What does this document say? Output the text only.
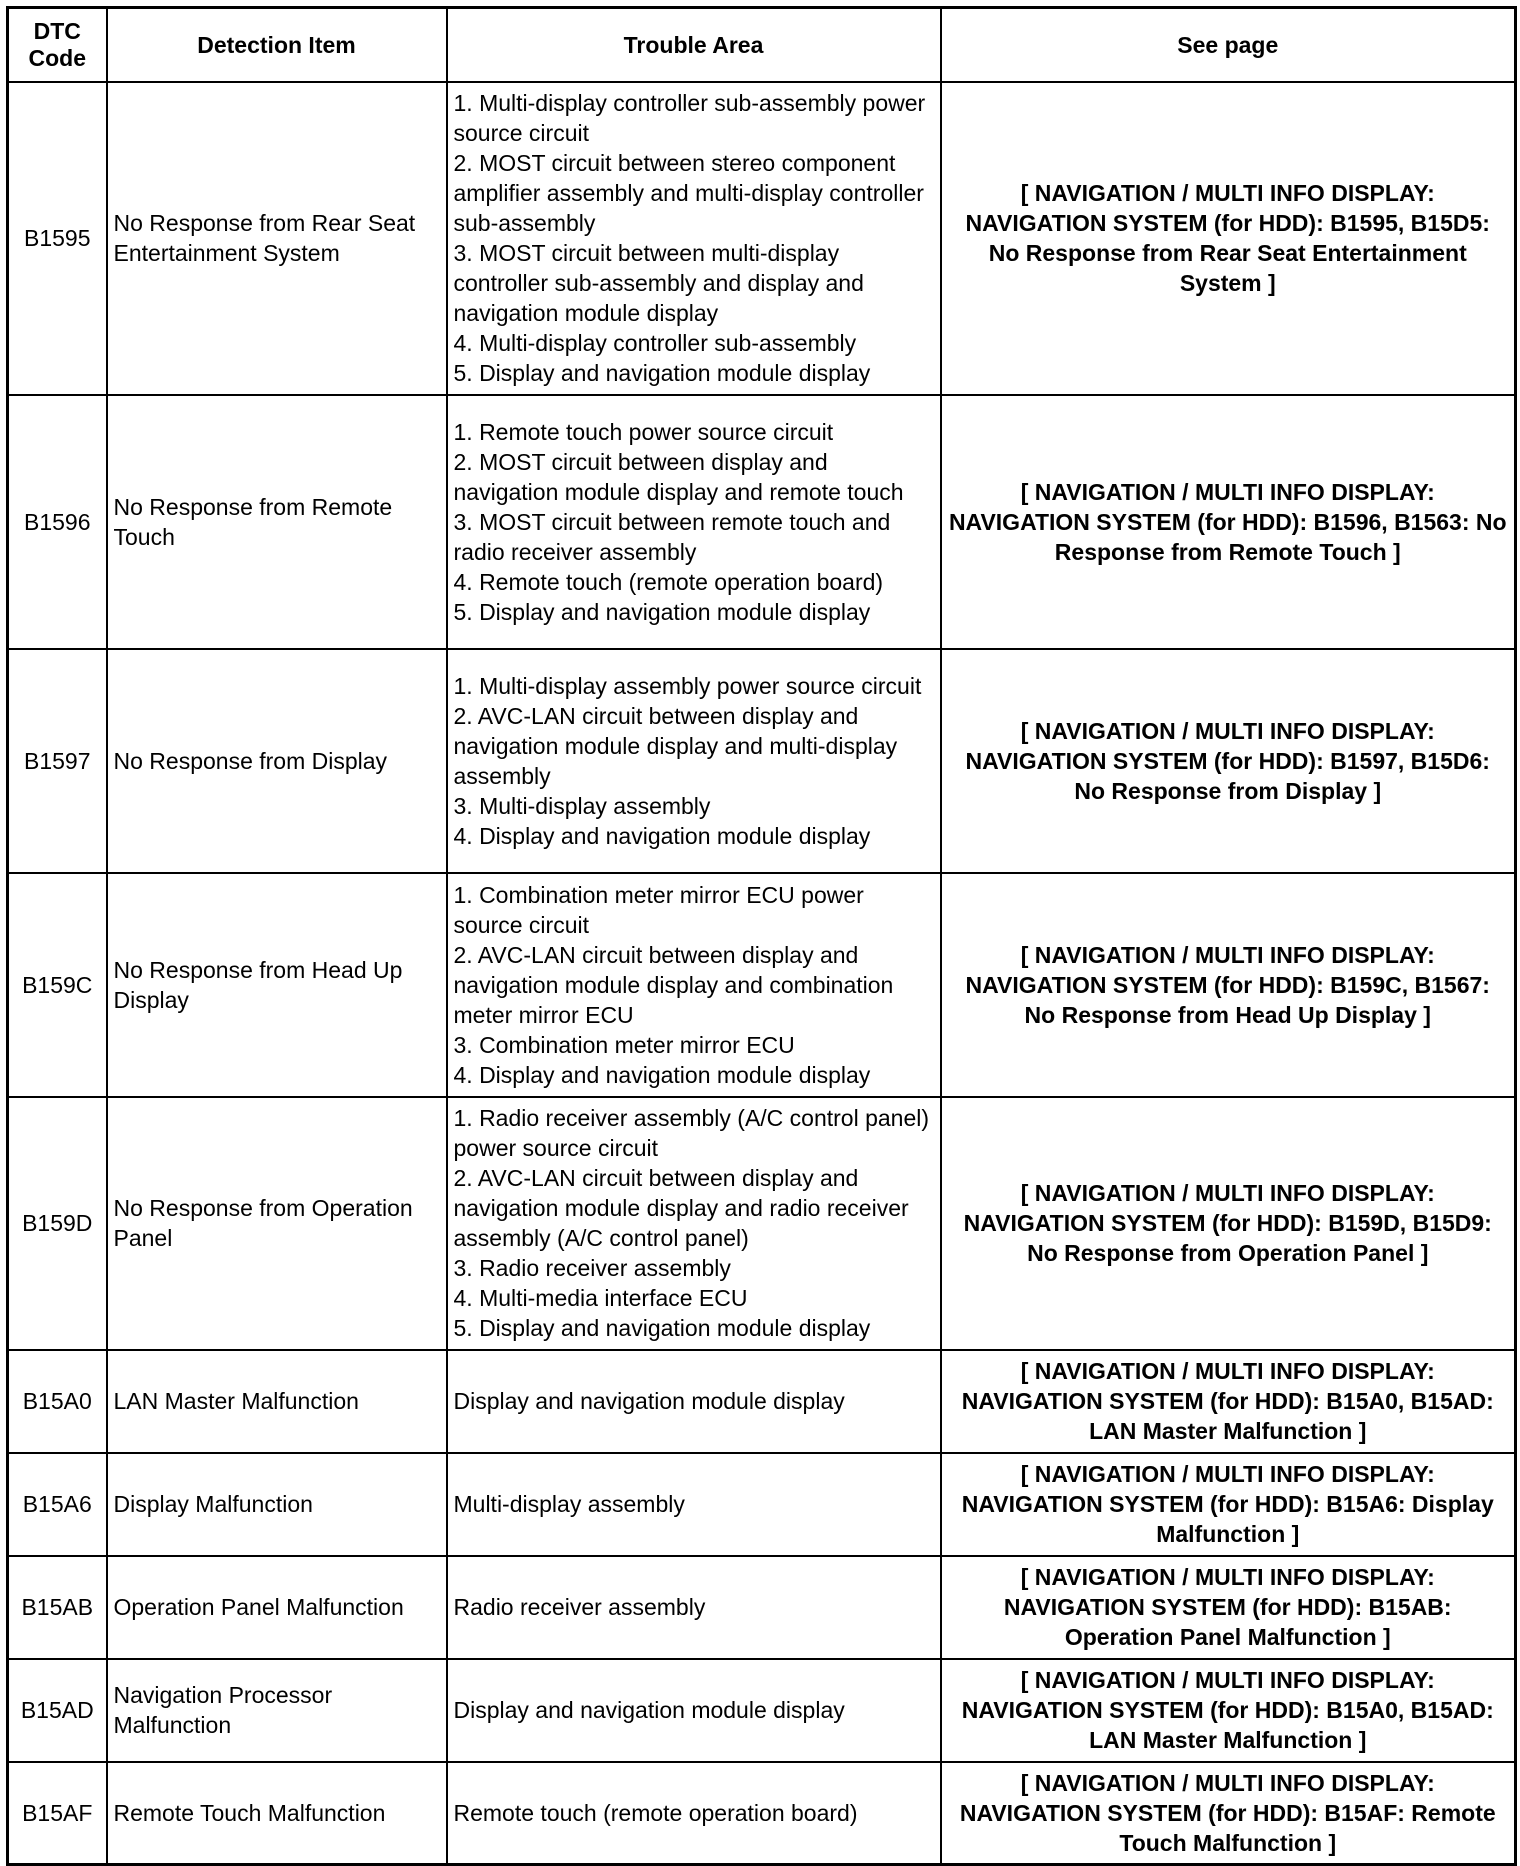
DTC Code	Detection Item	Trouble Area	See page
B1595	No Response from Rear Seat Entertainment System	1. Multi-display controller sub-assembly power source circuit
2. MOST circuit between stereo component amplifier assembly and multi-display controller sub-assembly
3. MOST circuit between multi-display controller sub-assembly and display and navigation module display
4. Multi-display controller sub-assembly
5. Display and navigation module display	[ NAVIGATION / MULTI INFO DISPLAY: NAVIGATION SYSTEM (for HDD): B1595, B15D5: No Response from Rear Seat Entertainment System ]
B1596	No Response from Remote Touch	1. Remote touch power source circuit
2. MOST circuit between display and navigation module display and remote touch
3. MOST circuit between remote touch and radio receiver assembly
4. Remote touch (remote operation board)
5. Display and navigation module display	[ NAVIGATION / MULTI INFO DISPLAY: NAVIGATION SYSTEM (for HDD): B1596, B1563: No Response from Remote Touch ]
B1597	No Response from Display	1. Multi-display assembly power source circuit
2. AVC-LAN circuit between display and navigation module display and multi-display assembly
3. Multi-display assembly
4. Display and navigation module display	[ NAVIGATION / MULTI INFO DISPLAY: NAVIGATION SYSTEM (for HDD): B1597, B15D6: No Response from Display ]
B159C	No Response from Head Up Display	1. Combination meter mirror ECU power source circuit
2. AVC-LAN circuit between display and navigation module display and combination meter mirror ECU
3. Combination meter mirror ECU
4. Display and navigation module display	[ NAVIGATION / MULTI INFO DISPLAY: NAVIGATION SYSTEM (for HDD): B159C, B1567: No Response from Head Up Display ]
B159D	No Response from Operation Panel	1. Radio receiver assembly (A/C control panel) power source circuit
2. AVC-LAN circuit between display and navigation module display and radio receiver assembly (A/C control panel)
3. Radio receiver assembly
4. Multi-media interface ECU
5. Display and navigation module display	[ NAVIGATION / MULTI INFO DISPLAY: NAVIGATION SYSTEM (for HDD): B159D, B15D9: No Response from Operation Panel ]
B15A0	LAN Master Malfunction	Display and navigation module display	[ NAVIGATION / MULTI INFO DISPLAY: NAVIGATION SYSTEM (for HDD): B15A0, B15AD: LAN Master Malfunction ]
B15A6	Display Malfunction	Multi-display assembly	[ NAVIGATION / MULTI INFO DISPLAY: NAVIGATION SYSTEM (for HDD): B15A6: Display Malfunction ]
B15AB	Operation Panel Malfunction	Radio receiver assembly	[ NAVIGATION / MULTI INFO DISPLAY: NAVIGATION SYSTEM (for HDD): B15AB: Operation Panel Malfunction ]
B15AD	Navigation Processor Malfunction	Display and navigation module display	[ NAVIGATION / MULTI INFO DISPLAY: NAVIGATION SYSTEM (for HDD): B15A0, B15AD: LAN Master Malfunction ]
B15AF	Remote Touch Malfunction	Remote touch (remote operation board)	[ NAVIGATION / MULTI INFO DISPLAY: NAVIGATION SYSTEM (for HDD): B15AF: Remote Touch Malfunction ]
